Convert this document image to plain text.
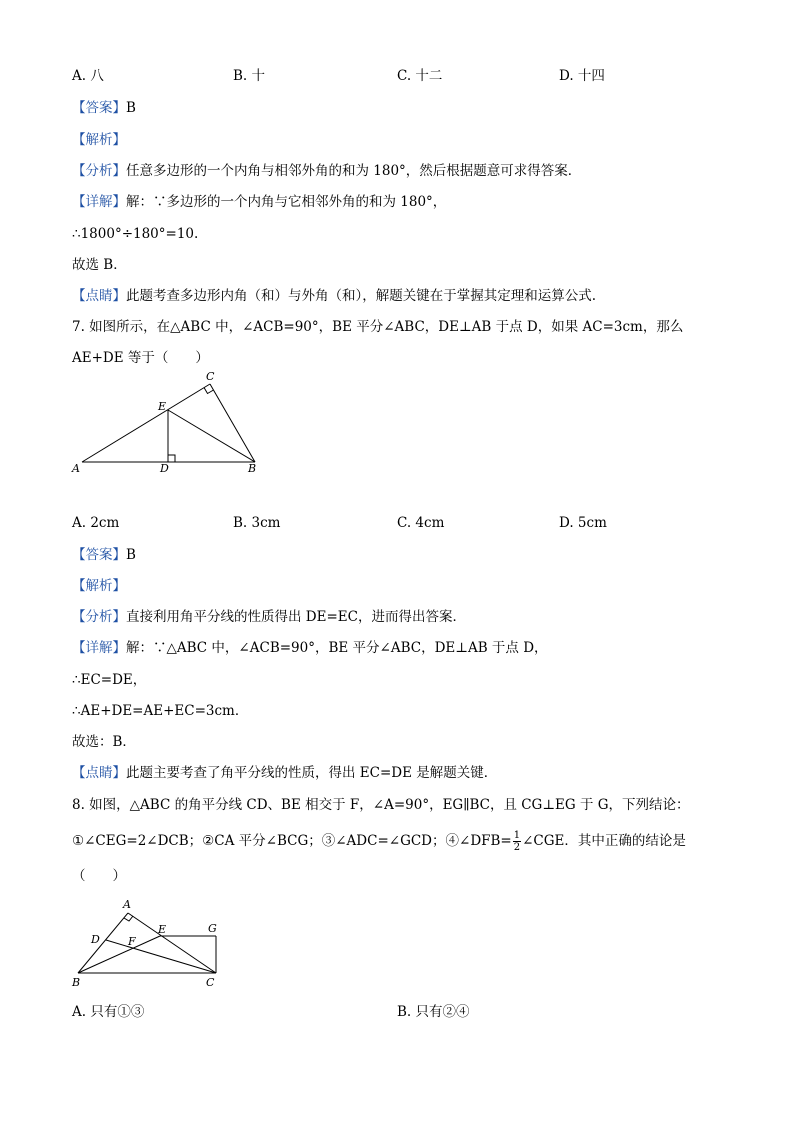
A. 八	B. 十	C. 十二	D. 十四
【答案】B
【解析】
【分析】任意多边形的一个内角与相邻外角的和为 180°，然后根据题意可求得答案．
【详解】解：∵多边形的一个内角与它相邻外角的和为 180°，
∴1800°÷180°=10.
故选 B．
【点睛】此题考查多边形内角（和）与外角（和），解题关键在于掌握其定理和运算公式.
7. 如图所示，在△ABC 中，∠ACB=90°，BE 平分∠ABC，DE⊥AB 于点 D，如果 AC=3cm，那么
AE+DE 等于（　　）
A	B
C
D
E
A. 2cm	B. 3cm	C. 4cm	D. 5cm
【答案】B
【解析】
【分析】直接利用角平分线的性质得出 DE=EC，进而得出答案．
【详解】解：∵△ABC 中，∠ACB=90°，BE 平分∠ABC，DE⊥AB 于点 D，
∴EC=DE，
∴AE+DE=AE+EC=3cm．
故选：B．
【点睛】此题主要考查了角平分线的性质，得出 EC=DE 是解题关键．
8. 如图，△ABC 的角平分线 CD、BE 相交于 F，∠A=90°，EG∥BC，且 CG⊥EG 于 G，下列结论：
①∠CEG=2∠DCB；②CA 平分∠BCG；③∠ADC=∠GCD；④∠DFB= $\frac{1}{2}$ ∠CGE．其中正确的结论是
（　　）
A
B	C
D
E
F
G
A. 只有①③	B. 只有②④
